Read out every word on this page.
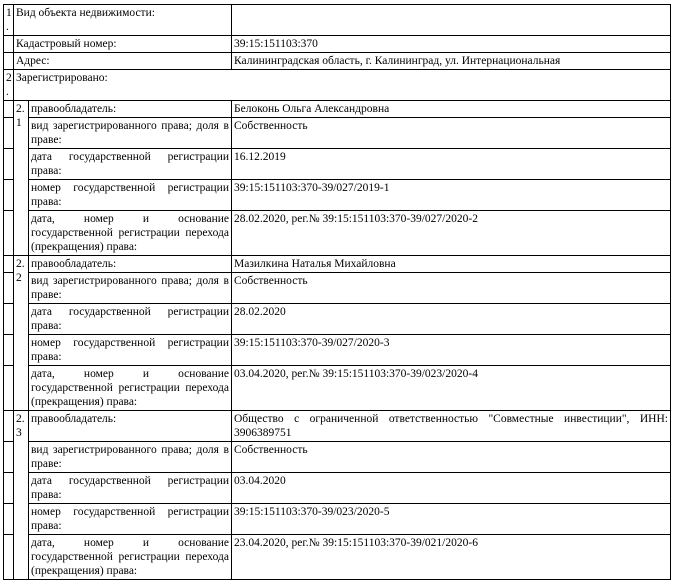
1.	Вид объекта недвижимости:		
	Кадастровый номер:		39:15:151103:370
	Адрес:		Калининградская область, г. Калининград, ул. Интернациональная
2.	Зарегистрировано:		
	2.1	правообладатель:	Белоконь Ольга Александровна
		вид зарегистрированного права; доля в праве:	Собственность
		дата государственной регистрации права:	16.12.2019
		номер государственной регистрации права:	39:15:151103:370-39/027/2019-1
		дата, номер и основание государственной регистрации перехода (прекращения) права:	28.02.2020, рег.№ 39:15:151103:370-39/027/2020-2
	2.2	правообладатель:	Мазилкина Наталья Михайловна
		вид зарегистрированного права; доля в праве:	Собственность
		дата государственной регистрации права:	28.02.2020
		номер государственной регистрации права:	39:15:151103:370-39/027/2020-3
		дата, номер и основание государственной регистрации перехода (прекращения) права:	03.04.2020, рег.№ 39:15:151103:370-39/023/2020-4
	2.3	правообладатель:	Общество с ограниченной ответственностью "Совместные инвестиции", ИНН: 3906389751
		вид зарегистрированного права; доля в праве:	Собственность
		дата государственной регистрации права:	03.04.2020
		номер государственной регистрации права:	39:15:151103:370-39/023/2020-5
		дата, номер и основание государственной регистрации перехода (прекращения) права:	23.04.2020, рег.№ 39:15:151103:370-39/021/2020-6
